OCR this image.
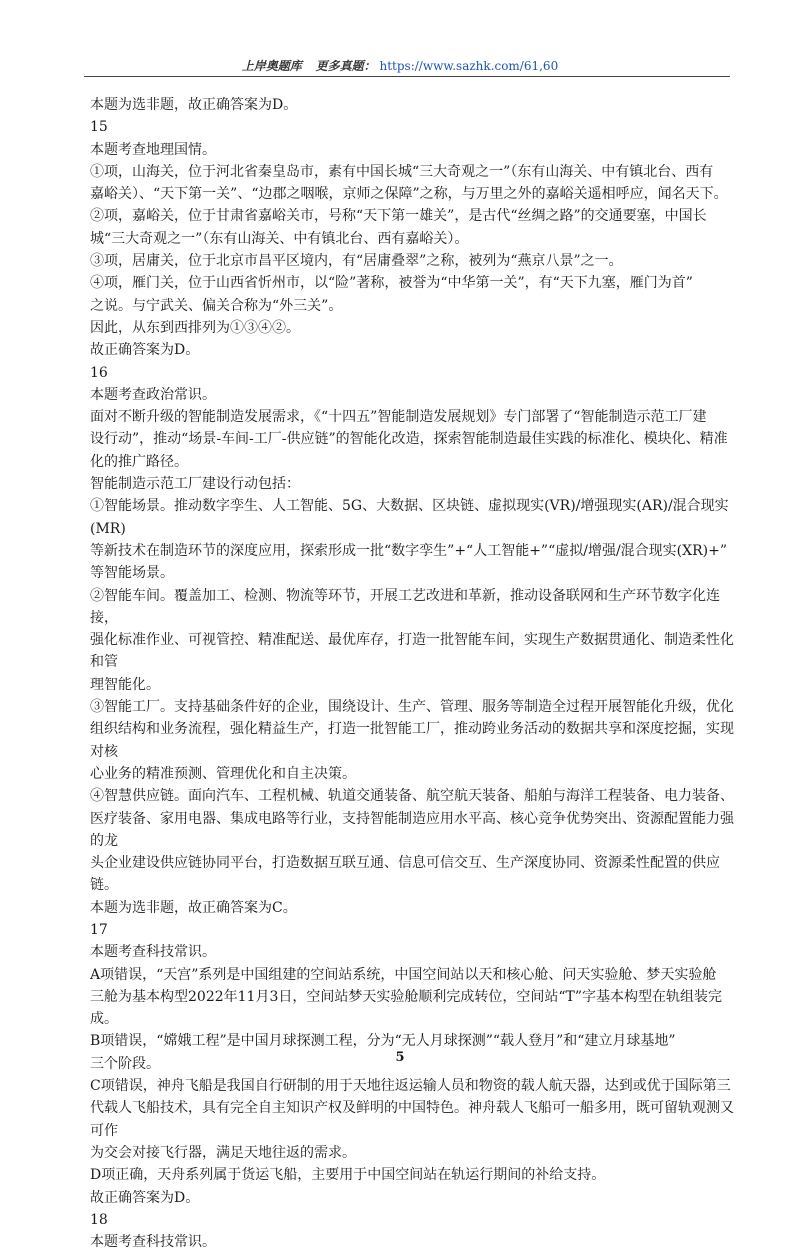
上岸奥题库 更多真题： https://www.sazhk.com/61,60
本题为选非题，故正确答案为D。
15
本题考查地理国情。
①项，山海关，位于河北省秦皇岛市，素有中国长城“三大奇观之一”（东有山海关、中有镇北台、西有
嘉峪关）、“天下第一关”、“边郡之咽喉，京师之保障”之称，与万里之外的嘉峪关遥相呼应，闻名天下。
②项，嘉峪关，位于甘肃省嘉峪关市，号称“天下第一雄关”，是古代“丝绸之路”的交通要塞，中国长
城“三大奇观之一”（东有山海关、中有镇北台、西有嘉峪关）。
③项，居庸关，位于北京市昌平区境内，有“居庸叠翠”之称，被列为“燕京八景”之一。
④项，雁门关，位于山西省忻州市，以“险”著称，被誉为“中华第一关”，有“天下九塞，雁门为首”
之说。与宁武关、偏关合称为“外三关”。
因此，从东到西排列为①③④②。
故正确答案为D。
16
本题考查政治常识。
面对不断升级的智能制造发展需求，《“十四五”智能制造发展规划》专门部署了“智能制造示范工厂建
设行动”，推动“场景-车间-工厂-供应链”的智能化改造，探索智能制造最佳实践的标准化、模块化、精准
化的推广路径。
智能制造示范工厂建设行动包括：
①智能场景。推动数字孪生、人工智能、5G、大数据、区块链、虚拟现实(VR)/增强现实(AR)/混合现实(MR)
等新技术在制造环节的深度应用，探索形成一批“数字孪生”+“人工智能+”“虚拟/增强/混合现实(XR)+”
等智能场景。
②智能车间。覆盖加工、检测、物流等环节，开展工艺改进和革新，推动设备联网和生产环节数字化连接，
强化标准作业、可视管控、精准配送、最优库存，打造一批智能车间，实现生产数据贯通化、制造柔性化和管
理智能化。
③智能工厂。支持基础条件好的企业，围绕设计、生产、管理、服务等制造全过程开展智能化升级，优化
组织结构和业务流程，强化精益生产，打造一批智能工厂，推动跨业务活动的数据共享和深度挖掘，实现对核
心业务的精准预测、管理优化和自主决策。
④智慧供应链。面向汽车、工程机械、轨道交通装备、航空航天装备、船舶与海洋工程装备、电力装备、
医疗装备、家用电器、集成电路等行业，支持智能制造应用水平高、核心竞争优势突出、资源配置能力强的龙
头企业建设供应链协同平台，打造数据互联互通、信息可信交互、生产深度协同、资源柔性配置的供应链。
本题为选非题，故正确答案为C。
17
本题考查科技常识。
A项错误，“天宫”系列是中国组建的空间站系统，中国空间站以天和核心舱、问天实验舱、梦天实验舱
三舱为基本构型2022年11月3日，空间站梦天实验舱顺利完成转位，空间站“T”字基本构型在轨组装完成。
B项错误，“嫦娥工程”是中国月球探测工程，分为“无人月球探测”“载人登月”和“建立月球基地”
三个阶段。
C项错误，神舟飞船是我国自行研制的用于天地往返运输人员和物资的载人航天器，达到或优于国际第三
代载人飞船技术，具有完全自主知识产权及鲜明的中国特色。神舟载人飞船可一船多用，既可留轨观测又可作
为交会对接飞行器，满足天地往返的需求。
D项正确，天舟系列属于货运飞船，主要用于中国空间站在轨运行期间的补给支持。
故正确答案为D。
18
本题考查科技常识。
5
